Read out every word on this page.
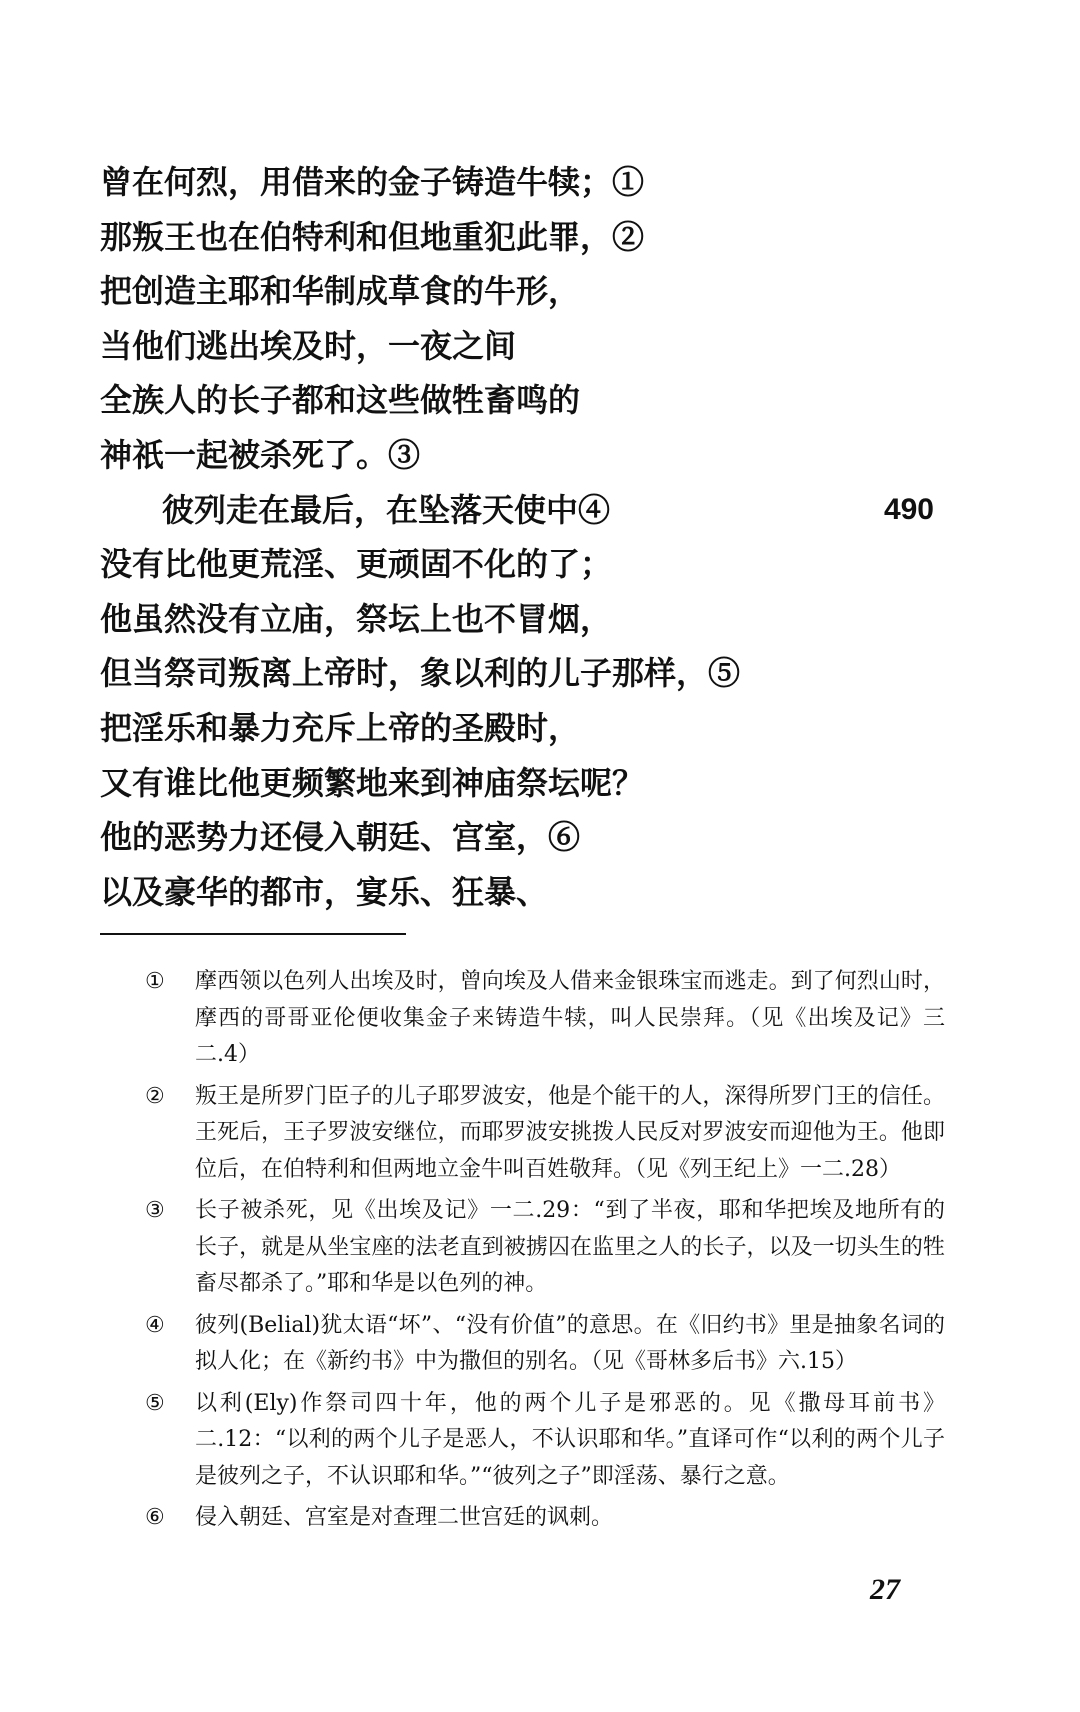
曾在何烈，用借来的金子铸造牛犊；①
那叛王也在伯特利和但地重犯此罪，②
把创造主耶和华制成草食的牛形，
当他们逃出埃及时，一夜之间
全族人的长子都和这些做牲畜鸣的
神祇一起被杀死了。③
彼列走在最后，在坠落天使中④	490
没有比他更荒淫、更顽固不化的了；
他虽然没有立庙，祭坛上也不冒烟，
但当祭司叛离上帝时，象以利的儿子那样，⑤
把淫乐和暴力充斥上帝的圣殿时，
又有谁比他更频繁地来到神庙祭坛呢？
他的恶势力还侵入朝廷、宫室，⑥
以及豪华的都市，宴乐、狂暴、
①	摩西领以色列人出埃及时，曾向埃及人借来金银珠宝而逃走。到了何烈山时，摩西的哥哥亚伦便收集金子来铸造牛犊，叫人民崇拜。（见《出埃及记》三二.4）
②	叛王是所罗门臣子的儿子耶罗波安，他是个能干的人，深得所罗门王的信任。王死后，王子罗波安继位，而耶罗波安挑拨人民反对罗波安而迎他为王。他即位后，在伯特利和但两地立金牛叫百姓敬拜。（见《列王纪上》一二.28）
③	长子被杀死，见《出埃及记》一二.29：“到了半夜，耶和华把埃及地所有的长子，就是从坐宝座的法老直到被掳囚在监里之人的长子，以及一切头生的牲畜尽都杀了。”耶和华是以色列的神。
④	彼列(Belial)犹太语“坏”、“没有价值”的意思。在《旧约书》里是抽象名词的拟人化；在《新约书》中为撒但的别名。（见《哥林多后书》六.15）
⑤	以利(Ely)作祭司四十年，他的两个儿子是邪恶的。见《撒母耳前书》二.12：“以利的两个儿子是恶人，不认识耶和华。”直译可作“以利的两个儿子是彼列之子，不认识耶和华。”“彼列之子”即淫荡、暴行之意。
⑥	侵入朝廷、宫室是对查理二世宫廷的讽刺。
27
